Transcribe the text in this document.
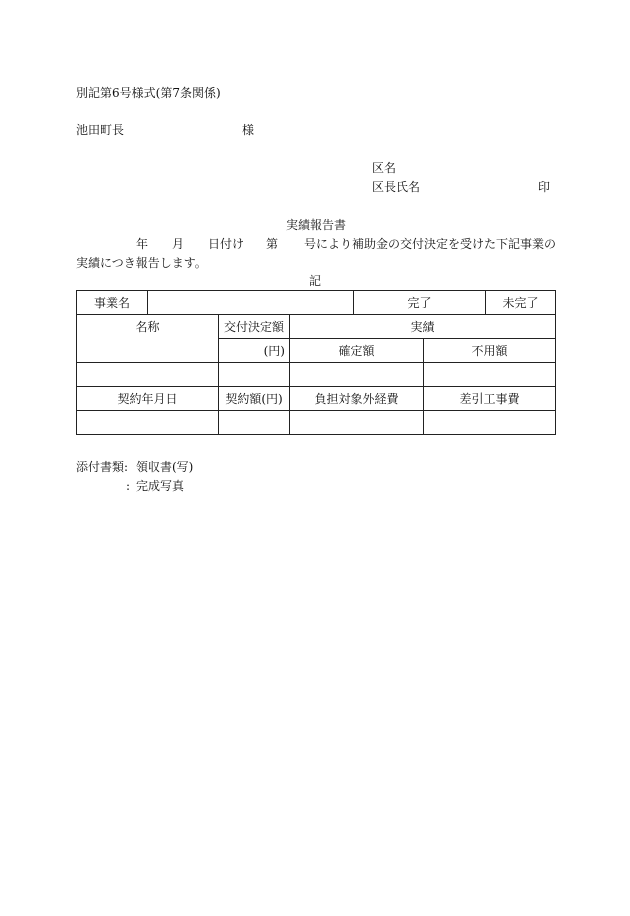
別記第6号様式(第7条関係)
池田町長	様
区名
区長氏名	印
実績報告書
年 月 日付け 第 号により補助金の交付決定を受けた下記事業の
実績につき報告します。
記
事業名				完了		未完了
名称		交付決定額	実績			
		(円)	確定額		不用額	

契約年月日		契約額(円)	負担対象外経費		差引工事費	

添付書類: 領収書(写)
: 完成写真
